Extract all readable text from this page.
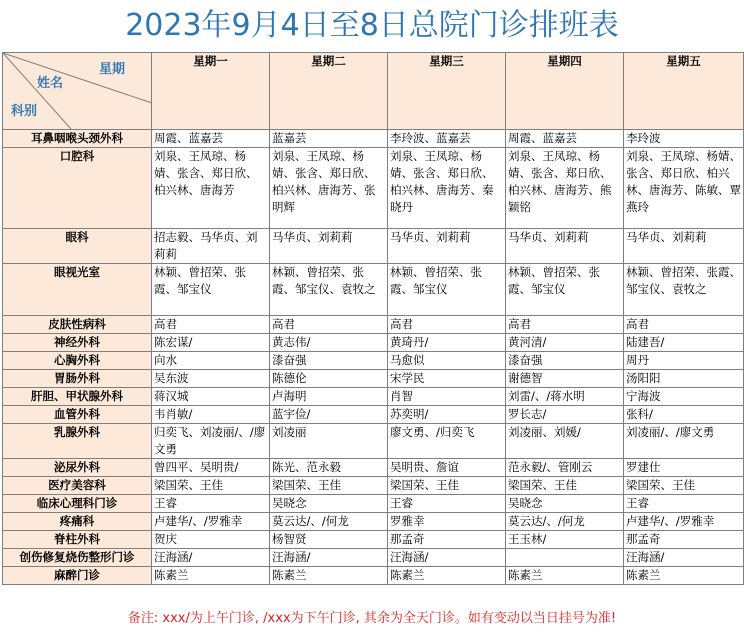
2023年9月4日至8日总院门诊排班表
星期
姓名
科别	星期一	星期二	星期三	星期四	星期五
耳鼻咽喉头颈外科	周霞、蓝嘉芸	蓝嘉芸	李玲波、蓝嘉芸	周霞、蓝嘉芸	李玲波
口腔科	刘泉、王凤琼、杨婧、张含、郑日欣、柏兴林、唐海芳	刘泉、王凤琼、杨婧、张含、郑日欣、柏兴林、唐海芳、张明辉	刘泉、王凤琼、杨婧、张含、郑日欣、柏兴林、唐海芳、秦晓丹	刘泉、王凤琼、杨婧、张含、郑日欣、柏兴林、唐海芳、熊颖铭	刘泉、王凤琼、杨婧、张含、郑日欣、柏兴林、唐海芳、陈敏、覃燕玲
眼科	招志毅、马华贞、刘莉莉	马华贞、刘莉莉	马华贞、刘莉莉	马华贞、刘莉莉	马华贞、刘莉莉
眼视光室	林颖、曾招荣、张霞、邹宝仪	林颖、曾招荣、张霞、邹宝仪、袁牧之	林颖、曾招荣、张霞、邹宝仪	林颖、曾招荣、张霞、邹宝仪	林颖、曾招荣、张霞、邹宝仪、袁牧之
皮肤性病科	高君	高君	高君	高君	高君
神经外科	陈宏谋/	黄志伟/	黄琦丹/	黄河清/	陆建吾/
心胸外科	向水	漆奋强	马愈似	漆奋强	周丹
胃肠外科	吴东波	陈德伦	宋学民	谢德智	汤阳阳
肝胆、甲状腺外科	蒋汉城	卢海明	肖智	刘雷/、/蒋水明	宁海波
血管外科	韦肖敏/	蓝宇俭/	苏奕明/	罗长志/	张科/
乳腺外科	归奕飞、刘凌丽/、/廖文勇	刘凌丽	廖文勇、/归奕飞	刘凌丽、刘媛/	刘凌丽/、/廖文勇
泌尿外科	曾四平、吴明贵/	陈光、范永毅	吴明贵、詹谊	范永毅/、管刚云	罗建仕
医疗美容科	梁国荣、王佳	梁国荣、王佳	梁国荣、王佳	梁国荣、王佳	梁国荣、王佳
临床心理科门诊	王睿	吴晓念	王睿	吴晓念	王睿
疼痛科	卢建华/、/罗雅幸	莫云达/、/何龙	罗雅幸	莫云达/、/何龙	卢建华/、/罗雅幸
脊柱外科	贺庆	杨智贤	那孟奇	王玉林/	那孟奇
创伤修复烧伤整形门诊	汪海涵/	汪海涵/	汪海涵/		汪海涵/
麻醉门诊	陈素兰	陈素兰	陈素兰	陈素兰	陈素兰
备注: xxx/为上午门诊, /xxx为下午门诊, 其余为全天门诊。如有变动以当日挂号为准!
